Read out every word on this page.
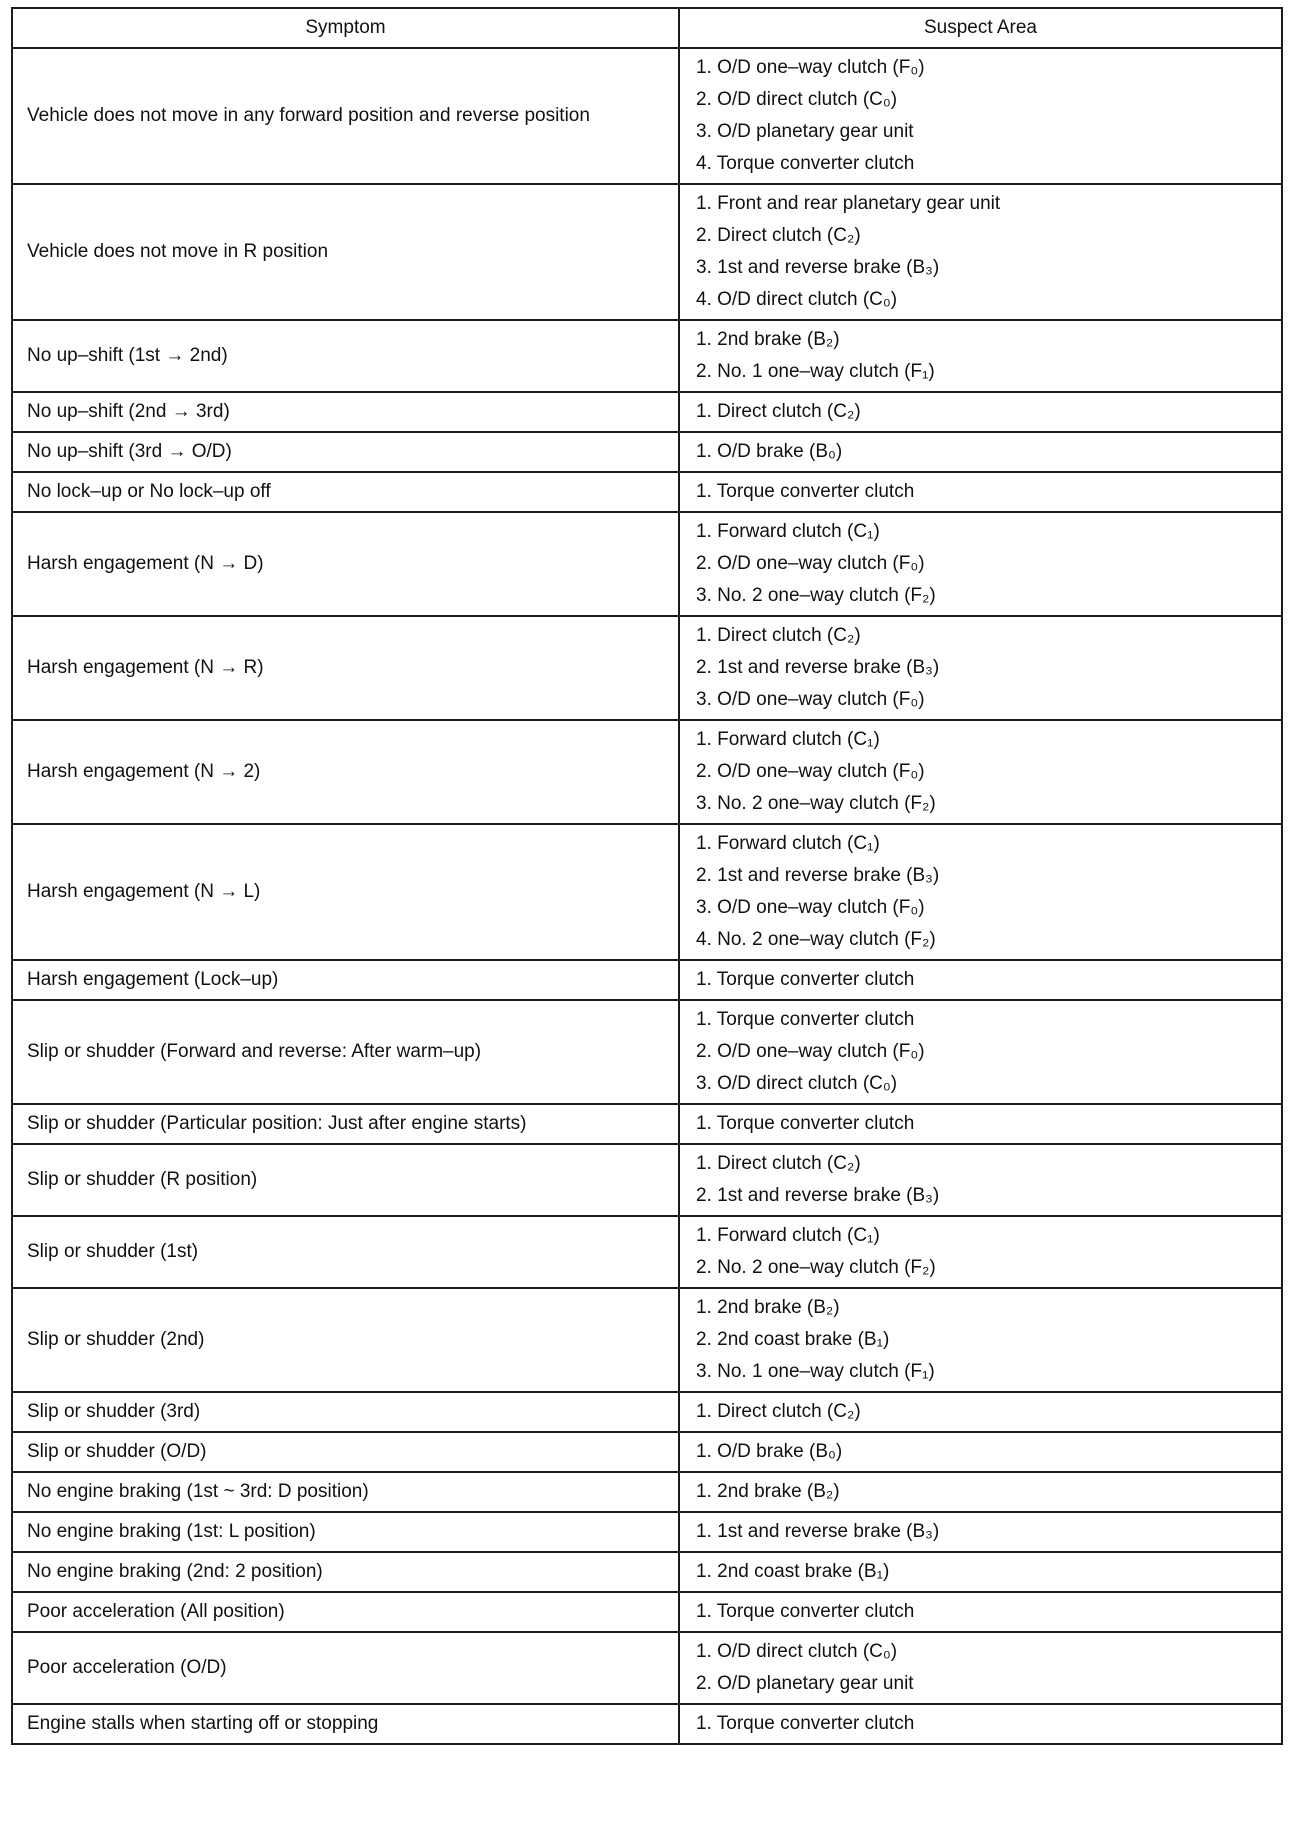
Symptom	Suspect Area
Vehicle does not move in any forward position and reverse position	1. O/D one–way clutch (F₀)
2. O/D direct clutch (C₀)
3. O/D planetary gear unit
4. Torque converter clutch

Vehicle does not move in R position	1. Front and rear planetary gear unit
2. Direct clutch (C₂)
3. 1st and reverse brake (B₃)
4. O/D direct clutch (C₀)

No up–shift (1st → 2nd)	1. 2nd brake (B₂)
2. No. 1 one–way clutch (F₁)

No up–shift (2nd → 3rd)	1. Direct clutch (C₂)

No up–shift (3rd → O/D)	1. O/D brake (B₀)

No lock–up or No lock–up off	1. Torque converter clutch

Harsh engagement (N → D)	1. Forward clutch (C₁)
2. O/D one–way clutch (F₀)
3. No. 2 one–way clutch (F₂)

Harsh engagement (N → R)	1. Direct clutch (C₂)
2. 1st and reverse brake (B₃)
3. O/D one–way clutch (F₀)

Harsh engagement (N → 2)	1. Forward clutch (C₁)
2. O/D one–way clutch (F₀)
3. No. 2 one–way clutch (F₂)

Harsh engagement (N → L)	1. Forward clutch (C₁)
2. 1st and reverse brake (B₃)
3. O/D one–way clutch (F₀)
4. No. 2 one–way clutch (F₂)

Harsh engagement (Lock–up)	1. Torque converter clutch

Slip or shudder (Forward and reverse: After warm–up)	1. Torque converter clutch
2. O/D one–way clutch (F₀)
3. O/D direct clutch (C₀)

Slip or shudder (Particular position: Just after engine starts)	1. Torque converter clutch

Slip or shudder (R position)	1. Direct clutch (C₂)
2. 1st and reverse brake (B₃)

Slip or shudder (1st)	1. Forward clutch (C₁)
2. No. 2 one–way clutch (F₂)

Slip or shudder (2nd)	1. 2nd brake (B₂)
2. 2nd coast brake (B₁)
3. No. 1 one–way clutch (F₁)

Slip or shudder (3rd)	1. Direct clutch (C₂)

Slip or shudder (O/D)	1. O/D brake (B₀)

No engine braking (1st ~ 3rd: D position)	1. 2nd brake (B₂)

No engine braking (1st: L position)	1. 1st and reverse brake (B₃)

No engine braking (2nd: 2 position)	1. 2nd coast brake (B₁)

Poor acceleration (All position)	1. Torque converter clutch

Poor acceleration (O/D)	1. O/D direct clutch (C₀)
2. O/D planetary gear unit

Engine stalls when starting off or stopping	1. Torque converter clutch
